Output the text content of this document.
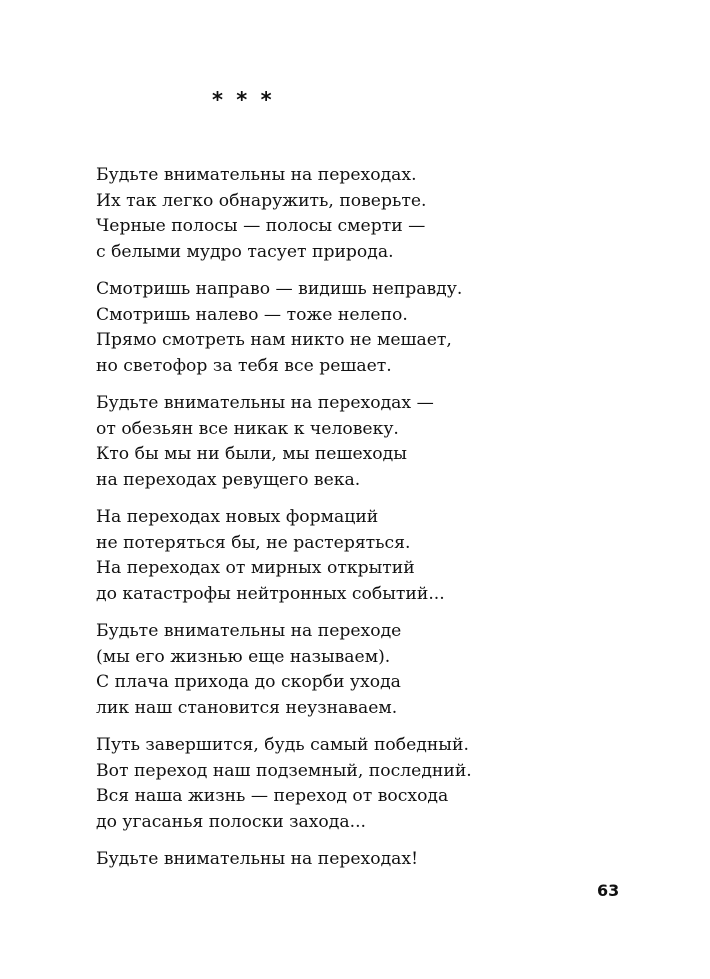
* * *
Будьте внимательны на переходах.
Их так легко обнаружить, поверьте.
Черные полосы — полосы смерти —
с белыми мудро тасует природа.
Смотришь направо — видишь неправду.
Смотришь налево — тоже нелепо.
Прямо смотреть нам никто не мешает,
но светофор за тебя все решает.
Будьте внимательны на переходах —
от обезьян все никак к человеку.
Кто бы мы ни были, мы пешеходы
на переходах ревущего века.
На переходах новых формаций
не потеряться бы, не растеряться.
На переходах от мирных открытий
до катастрофы нейтронных событий...
Будьте внимательны на переходе
(мы его жизнью еще называем).
С плача прихода до скорби ухода
лик наш становится неузнаваем.
Путь завершится, будь самый победный.
Вот переход наш подземный, последний.
Вся наша жизнь — переход от восхода
до угасанья полоски захода...
Будьте внимательны на переходах!
63
